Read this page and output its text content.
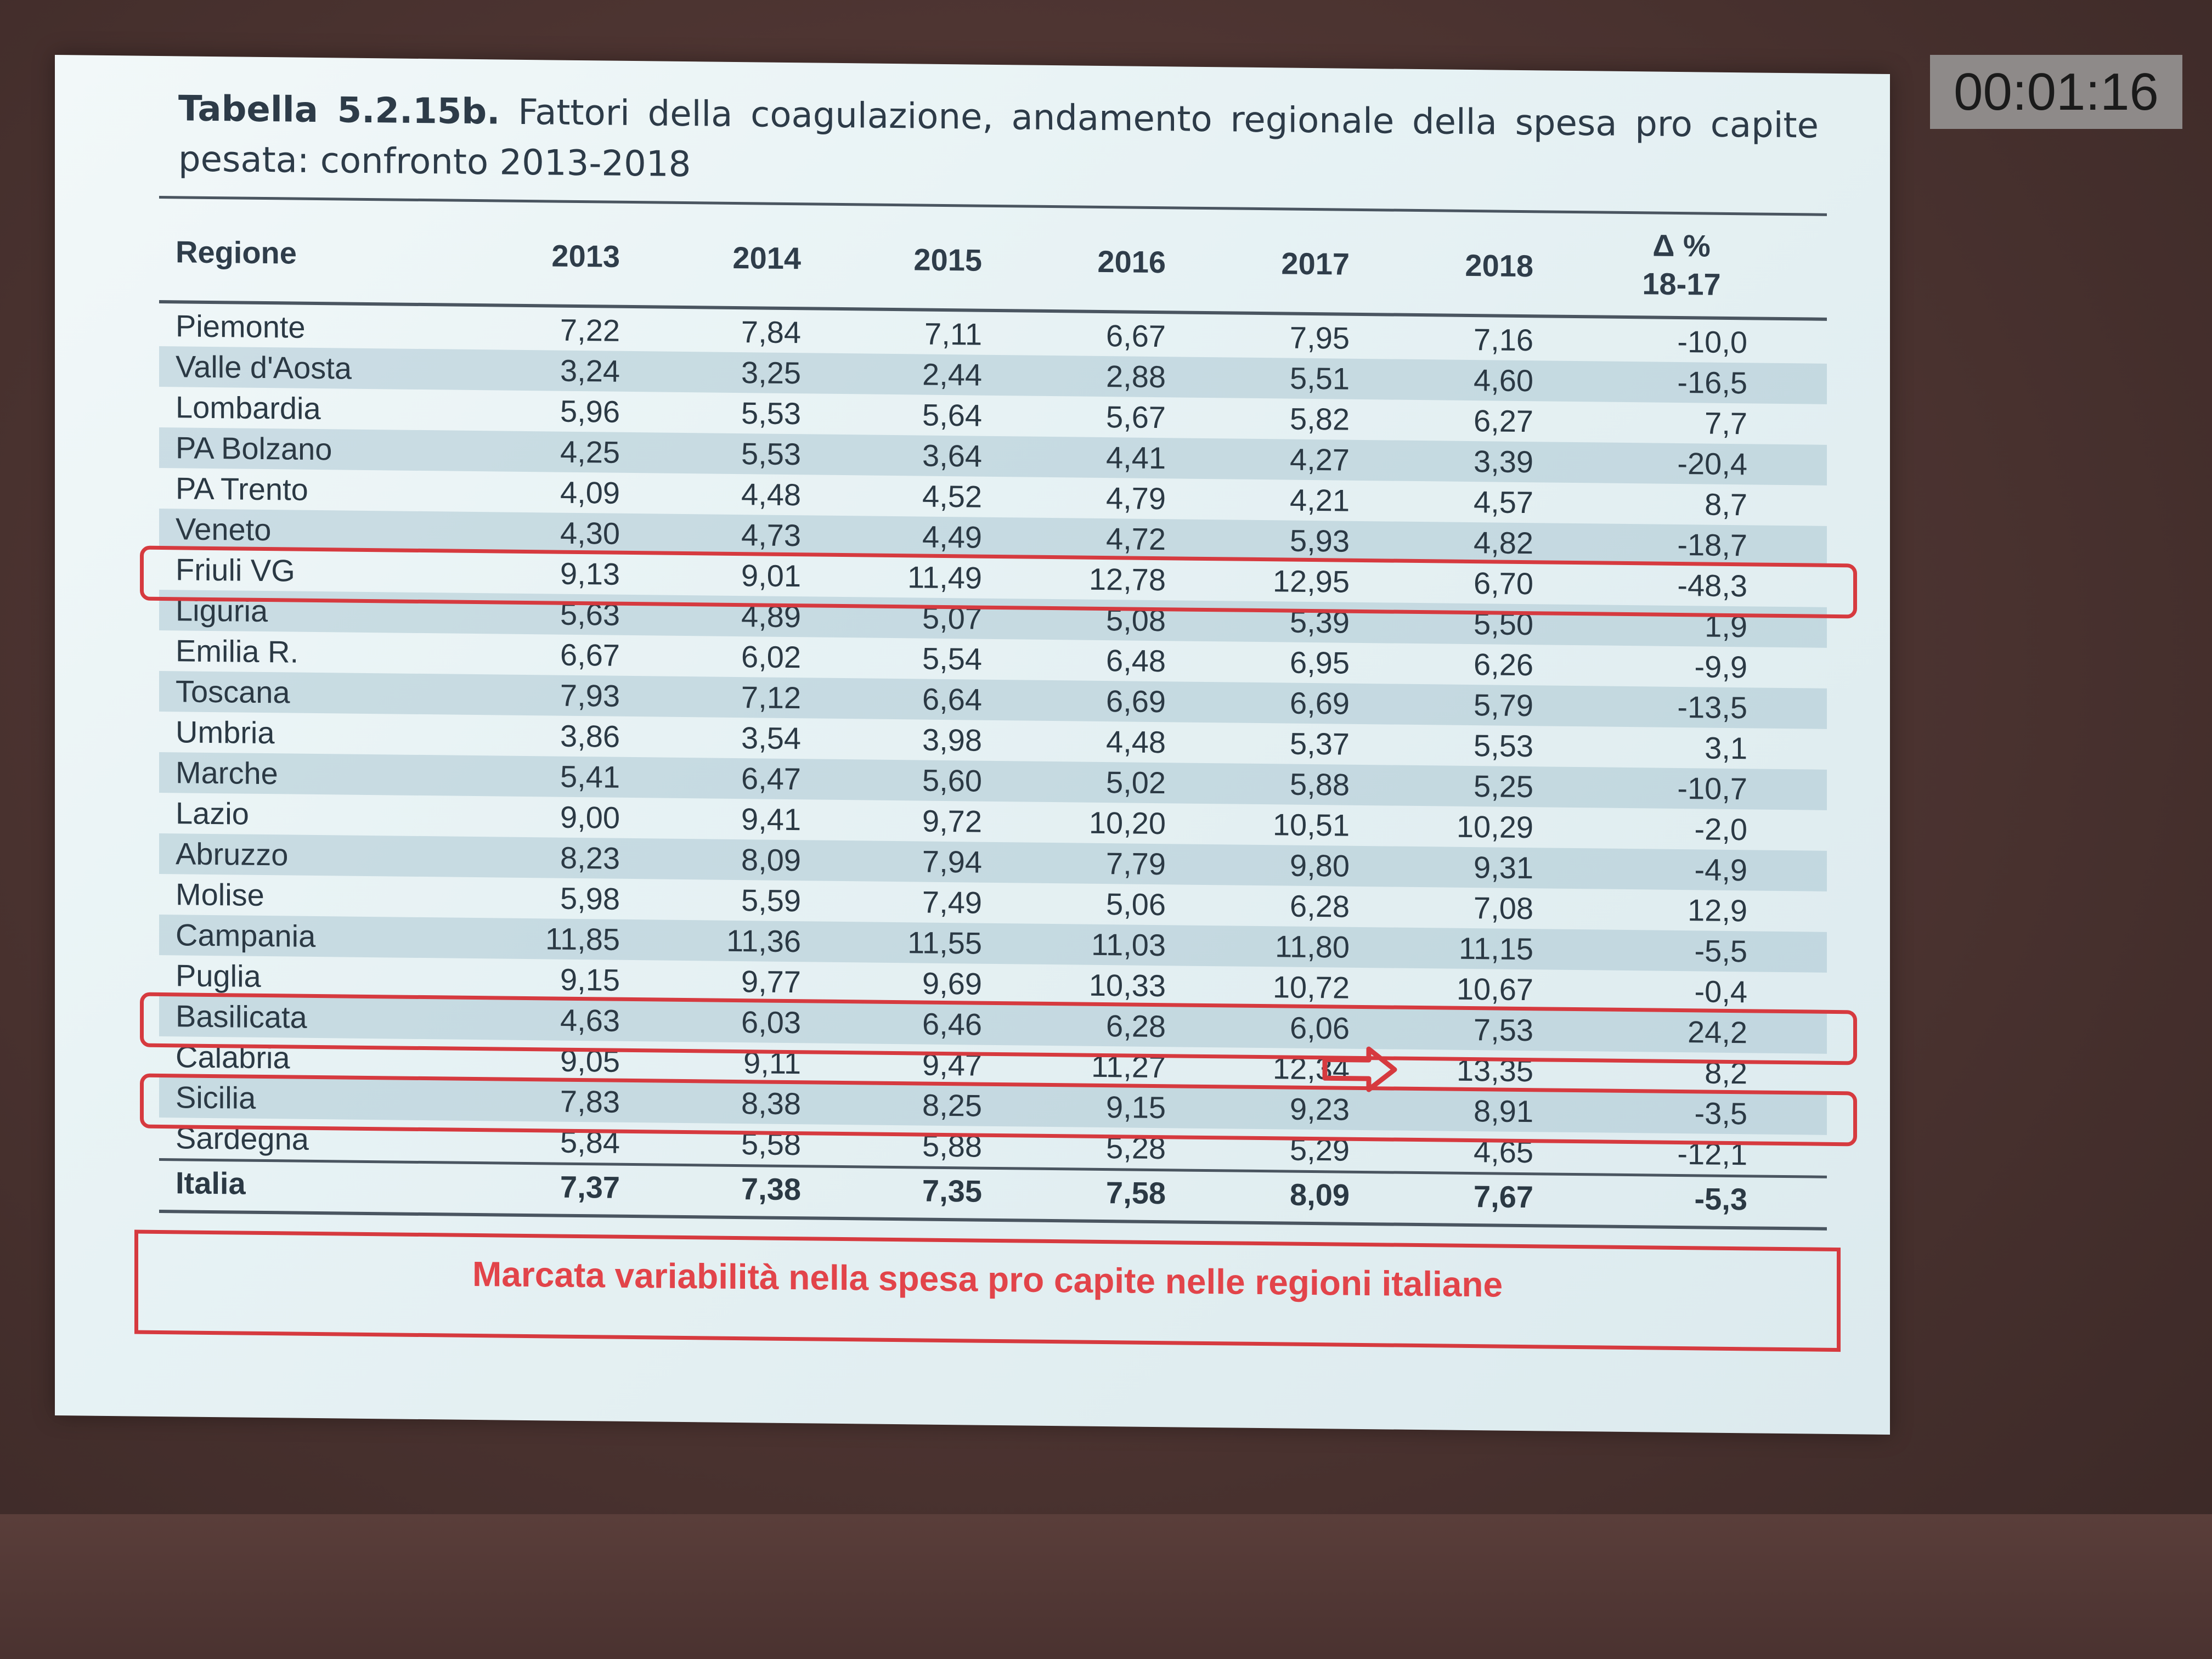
00:01:16
Tabella 5.2.15b. Fattori della coagulazione, andamento regionale della spesa pro capite pesata: confronto 2013-2018
Regione	2013	2014	2015	2016	2017	2018
Δ %
18-17
Piemonte	7,22	7,84	7,11	6,67	7,95	7,16	-10,0
Valle d'Aosta	3,24	3,25	2,44	2,88	5,51	4,60	-16,5
Lombardia	5,96	5,53	5,64	5,67	5,82	6,27	7,7
PA Bolzano	4,25	5,53	3,64	4,41	4,27	3,39	-20,4
PA Trento	4,09	4,48	4,52	4,79	4,21	4,57	8,7
Veneto	4,30	4,73	4,49	4,72	5,93	4,82	-18,7
Friuli VG	9,13	9,01	11,49	12,78	12,95	6,70	-48,3
Liguria	5,63	4,89	5,07	5,08	5,39	5,50	1,9
Emilia R.	6,67	6,02	5,54	6,48	6,95	6,26	-9,9
Toscana	7,93	7,12	6,64	6,69	6,69	5,79	-13,5
Umbria	3,86	3,54	3,98	4,48	5,37	5,53	3,1
Marche	5,41	6,47	5,60	5,02	5,88	5,25	-10,7
Lazio	9,00	9,41	9,72	10,20	10,51	10,29	-2,0
Abruzzo	8,23	8,09	7,94	7,79	9,80	9,31	-4,9
Molise	5,98	5,59	7,49	5,06	6,28	7,08	12,9
Campania	11,85	11,36	11,55	11,03	11,80	11,15	-5,5
Puglia	9,15	9,77	9,69	10,33	10,72	10,67	-0,4
Basilicata	4,63	6,03	6,46	6,28	6,06	7,53	24,2
Calabria	9,05	9,11	9,47	11,27	12,34	13,35	8,2
Sicilia	7,83	8,38	8,25	9,15	9,23	8,91	-3,5
Sardegna	5,84	5,58	5,88	5,28	5,29	4,65	-12,1
Italia	7,37	7,38	7,35	7,58	8,09	7,67	-5,3
Marcata variabilità nella spesa pro capite nelle regioni italiane
